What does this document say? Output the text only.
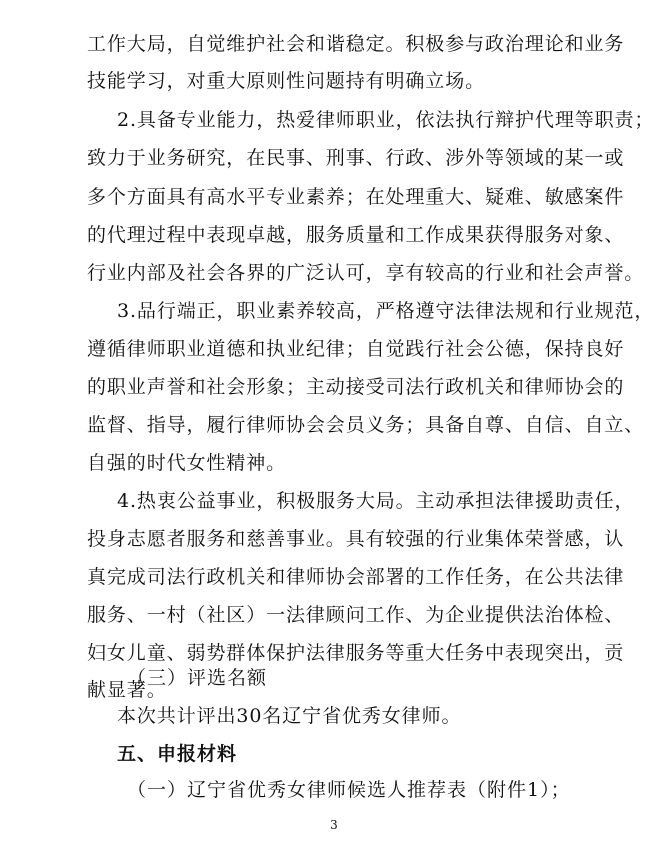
工作大局，自觉维护社会和谐稳定。积极参与政治理论和业务
技能学习，对重大原则性问题持有明确立场。
2.具备专业能力，热爱律师职业，依法执行辩护代理等职责；
致力于业务研究，在民事、刑事、行政、涉外等领域的某一或
多个方面具有高水平专业素养；在处理重大、疑难、敏感案件
的代理过程中表现卓越，服务质量和工作成果获得服务对象、
行业内部及社会各界的广泛认可，享有较高的行业和社会声誉。
3.品行端正，职业素养较高，严格遵守法律法规和行业规范，
遵循律师职业道德和执业纪律；自觉践行社会公德，保持良好
的职业声誉和社会形象；主动接受司法行政机关和律师协会的
监督、指导，履行律师协会会员义务；具备自尊、自信、自立、
自强的时代女性精神。
4.热衷公益事业，积极服务大局。主动承担法律援助责任，
投身志愿者服务和慈善事业。具有较强的行业集体荣誉感，认
真完成司法行政机关和律师协会部署的工作任务，在公共法律
服务、一村（社区）一法律顾问工作、为企业提供法治体检、
妇女儿童、弱势群体保护法律服务等重大任务中表现突出，贡
献显著。
（三）评选名额
本次共计评出30名辽宁省优秀女律师。
五、申报材料
3
（一）辽宁省优秀女律师候选人推荐表（附件1）；
